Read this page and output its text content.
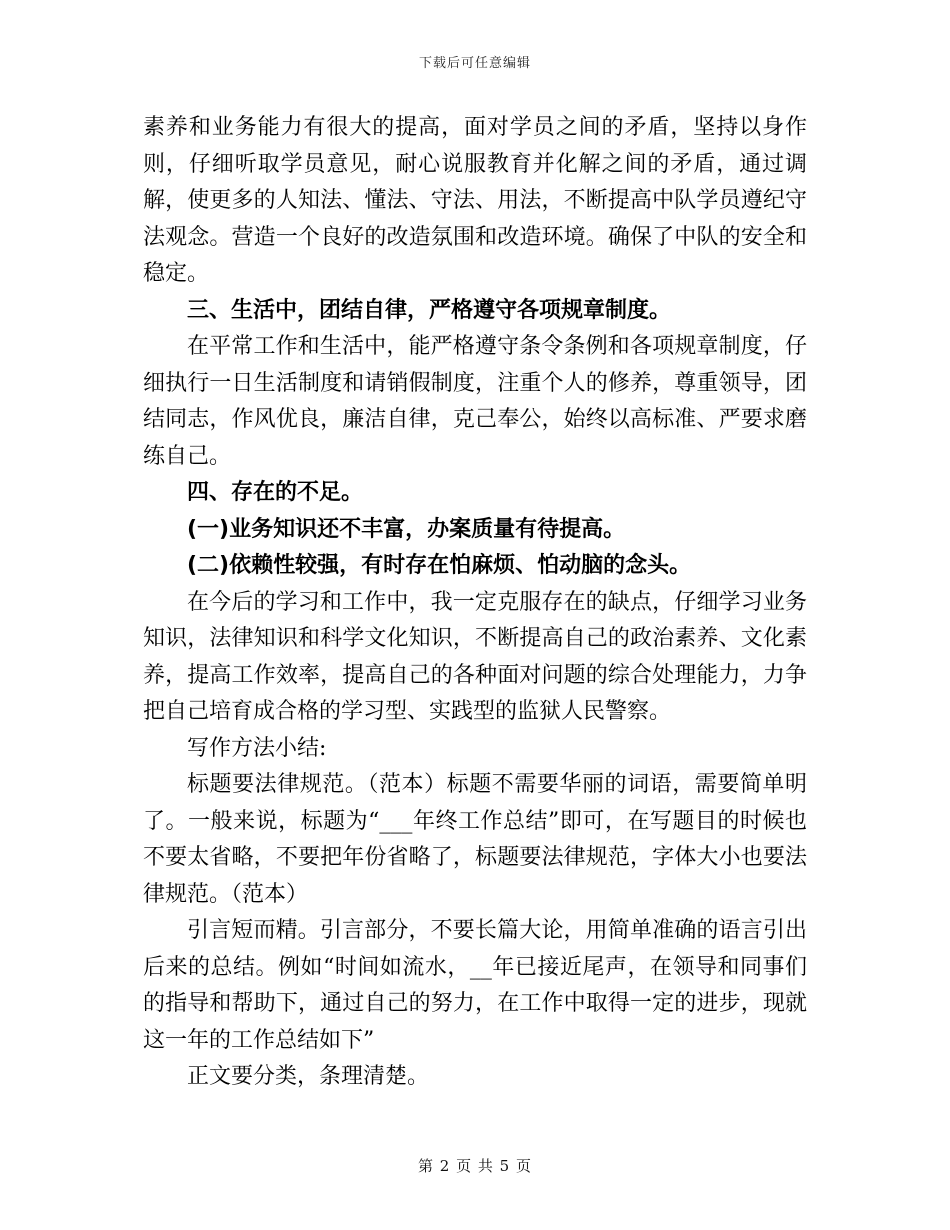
下载后可任意编辑

素养和业务能力有很大的提高，面对学员之间的矛盾，坚持以身作则，仔细听取学员意见，耐心说服教育并化解之间的矛盾，通过调解，使更多的人知法、懂法、守法、用法，不断提高中队学员遵纪守法观念。营造一个良好的改造氛围和改造环境。确保了中队的安全和稳定。

三、生活中，团结自律，严格遵守各项规章制度。

在平常工作和生活中，能严格遵守条令条例和各项规章制度，仔细执行一日生活制度和请销假制度，注重个人的修养，尊重领导，团结同志，作风优良，廉洁自律，克己奉公，始终以高标准、严要求磨练自己。

四、存在的不足。

(一)业务知识还不丰富，办案质量有待提高。

(二)依赖性较强，有时存在怕麻烦、怕动脑的念头。

在今后的学习和工作中，我一定克服存在的缺点，仔细学习业务知识，法律知识和科学文化知识，不断提高自己的政治素养、文化素养，提高工作效率，提高自己的各种面对问题的综合处理能力，力争把自己培育成合格的学习型、实践型的监狱人民警察。

写作方法小结:

标题要法律规范。（范本）标题不需要华丽的词语，需要简单明了。一般来说，标题为“___年终工作总结”即可，在写题目的时候也不要太省略，不要把年份省略了，标题要法律规范，字体大小也要法律规范。（范本）

引言短而精。引言部分，不要长篇大论，用简单准确的语言引出后来的总结。例如“时间如流水，__年已接近尾声，在领导和同事们的指导和帮助下，通过自己的努力，在工作中取得一定的进步，现就这一年的工作总结如下”

正文要分类，条理清楚。

第 2 页 共 5 页
